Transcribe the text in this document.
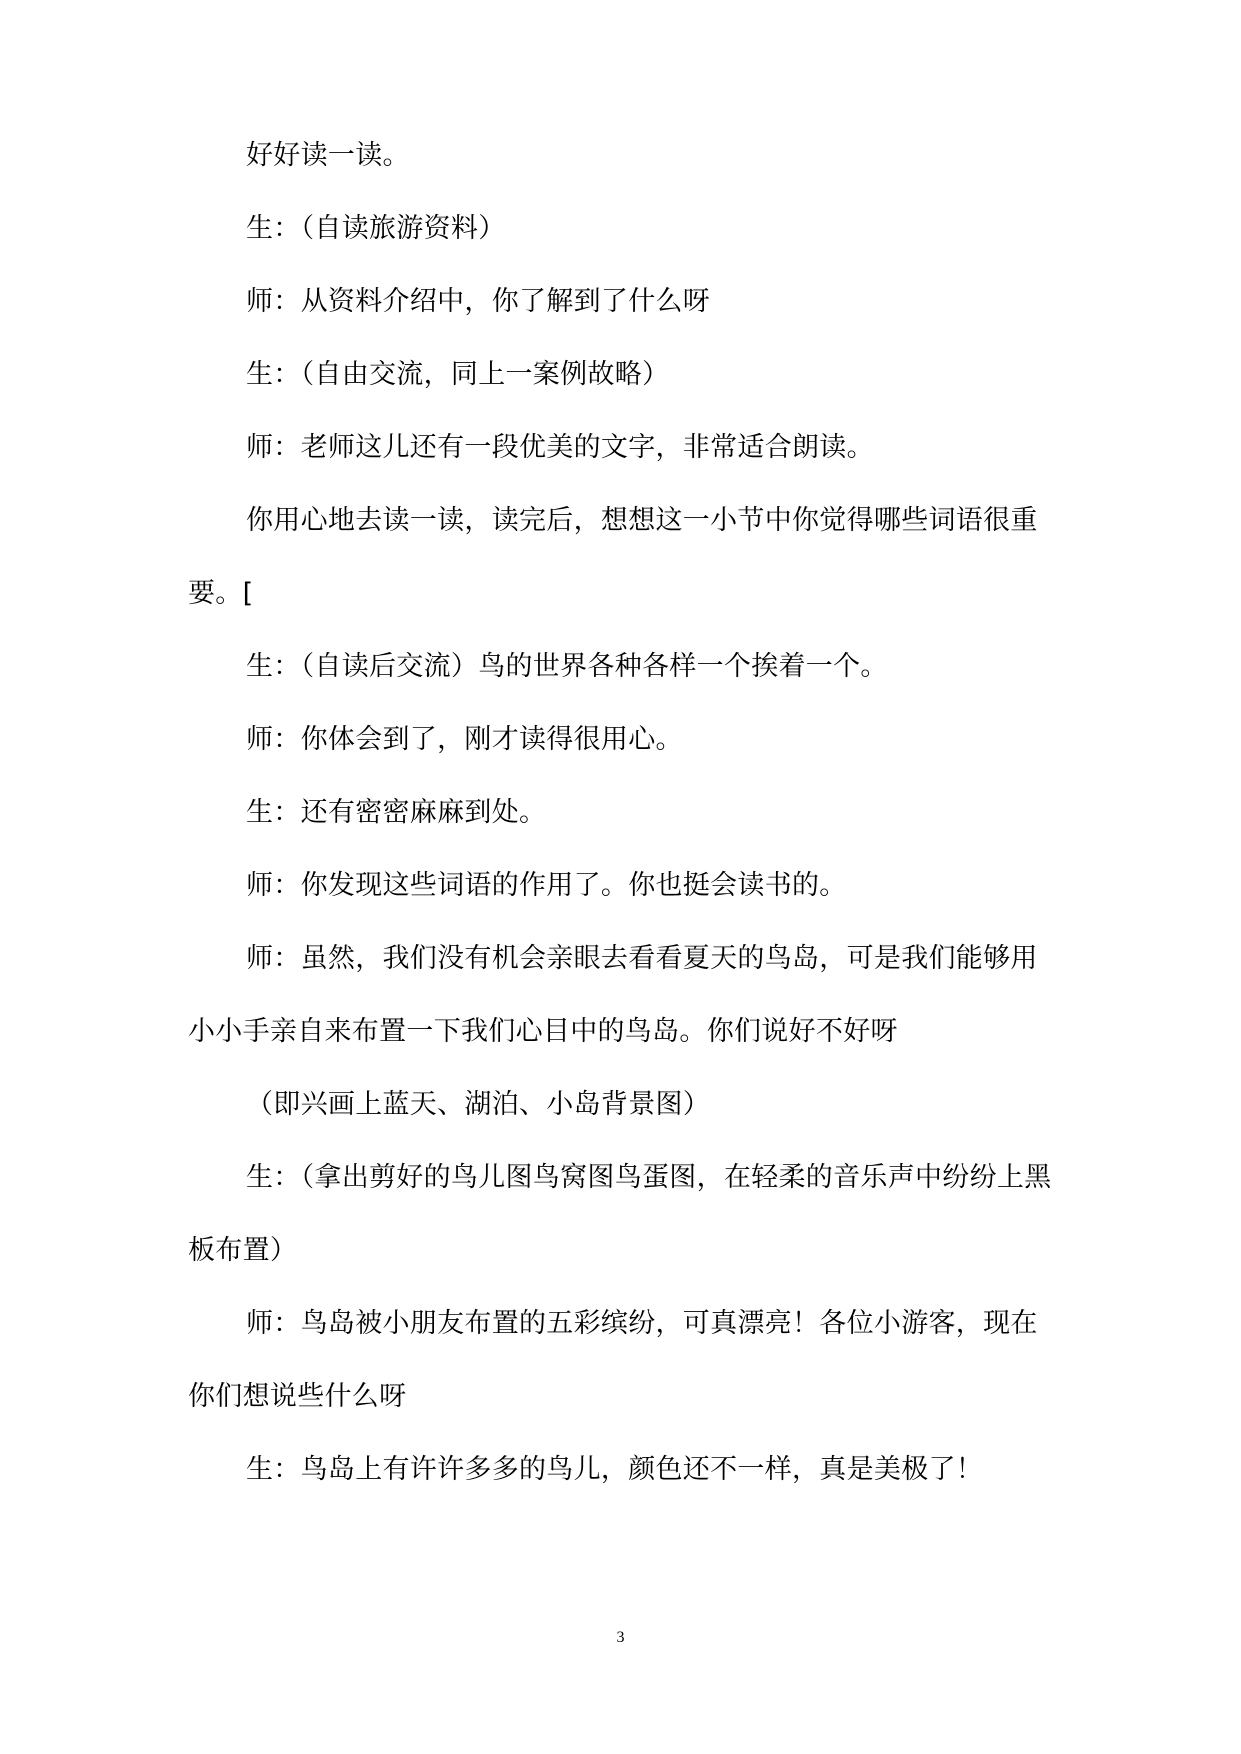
好好读一读。

生：（自读旅游资料）

师：从资料介绍中，你了解到了什么呀

生：（自由交流，同上一案例故略）

师：老师这儿还有一段优美的文字，非常适合朗读。

你用心地去读一读，读完后，想想这一小节中你觉得哪些词语很重要。[

生：（自读后交流）鸟的世界各种各样一个挨着一个。

师：你体会到了，刚才读得很用心。

生：还有密密麻麻到处。

师：你发现这些词语的作用了。你也挺会读书的。

师：虽然，我们没有机会亲眼去看看夏天的鸟岛，可是我们能够用小小手亲自来布置一下我们心目中的鸟岛。你们说好不好呀

（即兴画上蓝天、湖泊、小岛背景图）

生：（拿出剪好的鸟儿图鸟窝图鸟蛋图，在轻柔的音乐声中纷纷上黑板布置）

师：鸟岛被小朋友布置的五彩缤纷，可真漂亮！各位小游客，现在你们想说些什么呀

生：鸟岛上有许许多多的鸟儿，颜色还不一样，真是美极了！

3
